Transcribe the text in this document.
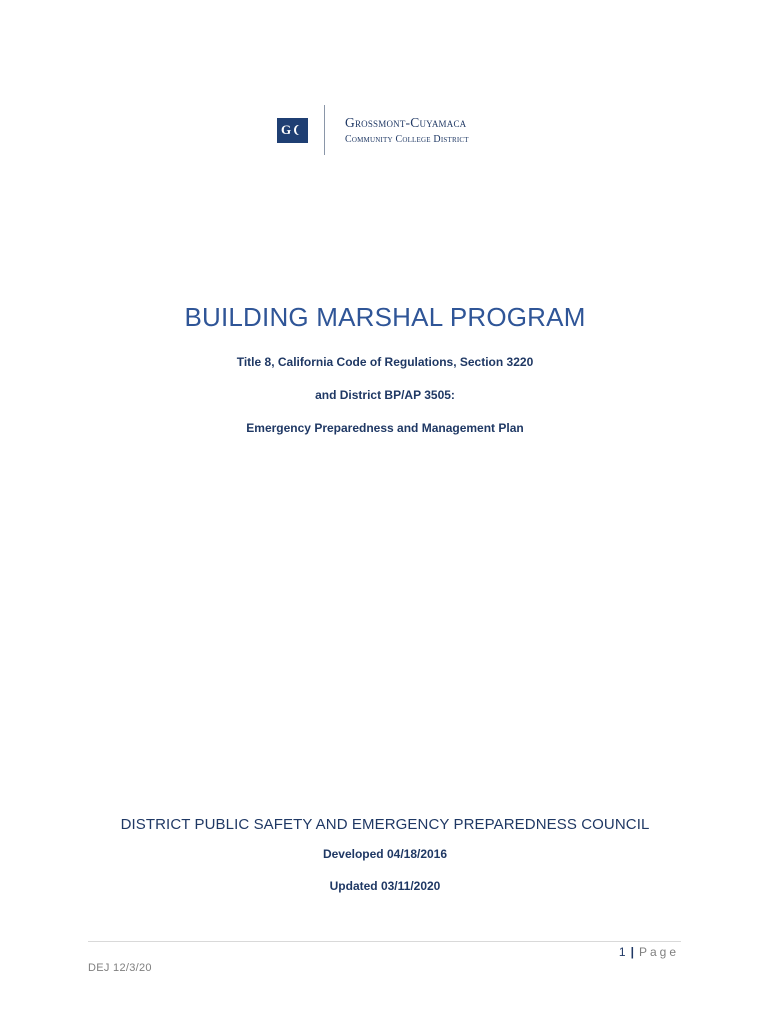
G	Grossmont-Cuyamaca
Community College District
BUILDING MARSHAL PROGRAM
Title 8, California Code of Regulations, Section 3220
and District BP/AP 3505:
Emergency Preparedness and Management Plan
DISTRICT PUBLIC SAFETY AND EMERGENCY PREPAREDNESS COUNCIL
Developed 04/18/2016
Updated 03/11/2020
1 | Page
DEJ 12/3/20
